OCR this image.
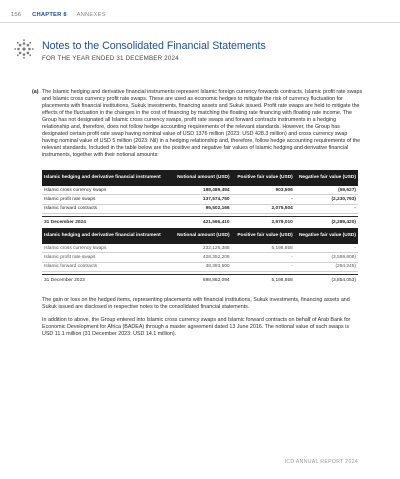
156 CHAPTER 8 ANNEXES
Notes to the Consolidated Financial Statements
FOR THE YEAR ENDED 31 DECEMBER 2024
(a) The Islamic hedging and derivative financial instruments represent Islamic foreign currency forwards contracts, Islamic profit rate swaps and Islamic cross currency profit rate swaps. These are used as economic hedges to mitigate the risk of currency fluctuation for placements with financial institutions, Sukuk investments, financing assets and Sukuk issued. Profit rate swaps are held to mitigate the effects of the fluctuation in the changes in the cost of financing by matching the floating rate financing with floating rate income. The Group has not designated all Islamic cross currency swaps, profit rate swaps and forward contracts instruments in a hedging relationship and, therefore, does not follow hedge accounting requirements of the relevant standards. However, the Group has designated certain profit rate swap having nominal value of USD 1376 million (2023: USD 428.3 million) and cross currency swap having nominal value of USD 5 million (2023: Nil) in a hedging relationship and, therefore, follow hedge accounting requirements of the relevant standards. Included in the table below are the positive and negative fair values of Islamic hedging and derivative financial instruments, together with their notional amounts:
Islamic hedging and derivative financial instrument	Notional amount (USD)	Positive fair value (USD)	Negative fair value (USD)
Islamic cross currency swaps	188,489,494	903,506	(59,627)
Islamic profit rate swaps	137,574,750	-	(2,230,793)
Islamic forward contracts	95,502,166	2,075,504	-

31 December 2024	421,566,410	2,979,010	(2,289,420)
Islamic hedging and derivative financial instrument	Notional amount (USD)	Positive fair value (USD)	Negative fair value (USD)
Islamic cross currency swaps	232,126,388	5,198,858	-
Islamic profit rate swaps	428,352,206	-	(3,559,808)
Islamic forward contracts	38,383,500	-	(294,245)

31 December 2023	698,862,094	5,198,858	(3,854,053)
The gain or loss on the hedged items, representing placements with financial institutions, Sukuk investments, financing assets and Sukuk issued are disclosed in respective notes to the consolidated financial statements.
In addition to above, the Group entered into Islamic cross currency swaps and Islamic forward contracts on behalf of Arab Bank for Economic Development for Africa (BADEA) through a master agreement dated 13 June 2016. The notional value of such swaps is USD 11.1 million (31 December 2023: USD 14.1 million).
ICD ANNUAL REPORT 2024
